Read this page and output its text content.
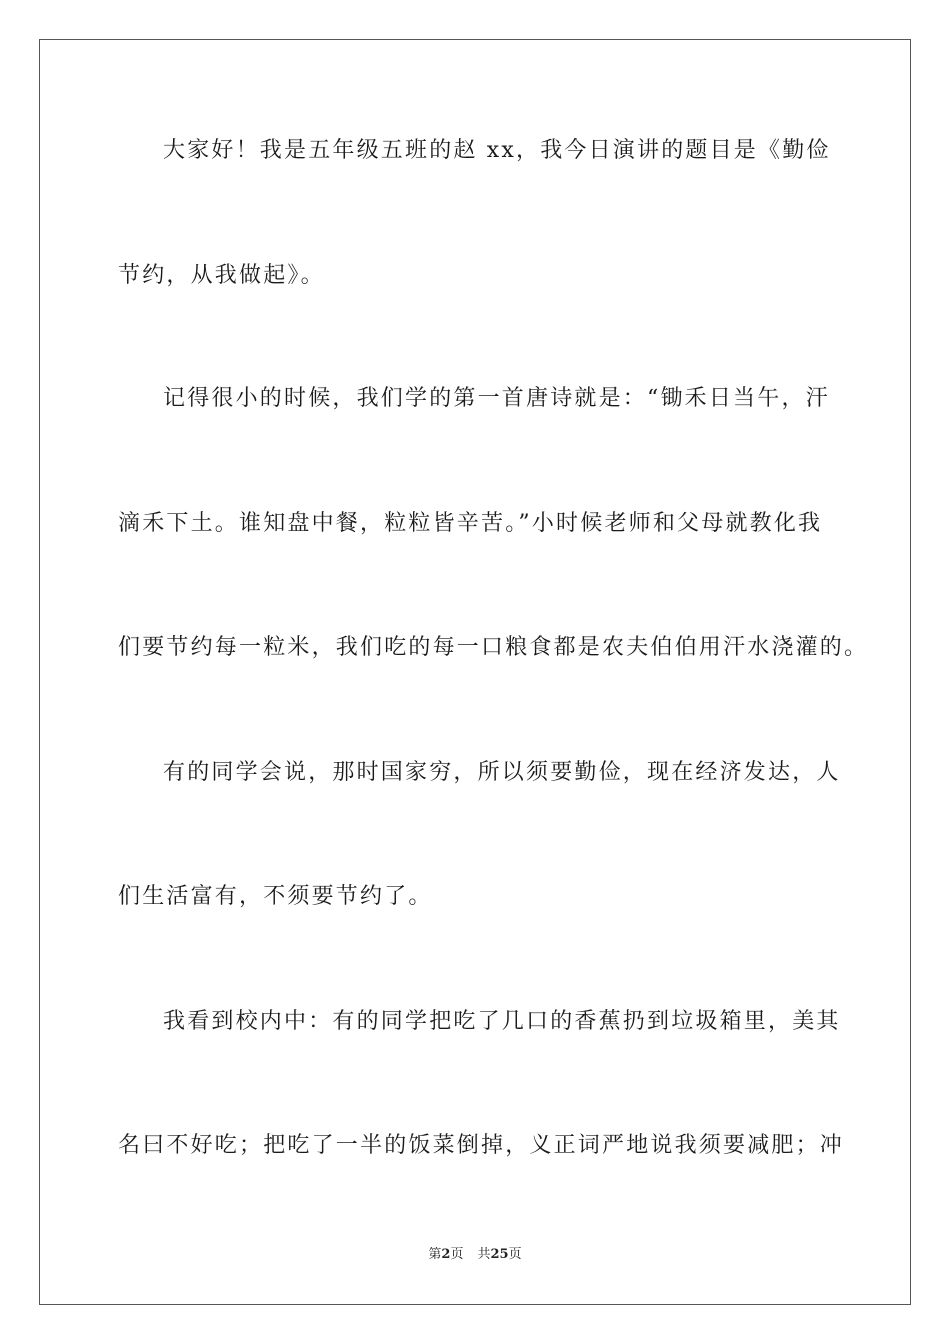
大家好！我是五年级五班的赵 xx，我今日演讲的题目是《勤俭
节约，从我做起》。
记得很小的时候，我们学的第一首唐诗就是：“锄禾日当午，汗
滴禾下土。谁知盘中餐，粒粒皆辛苦。”小时候老师和父母就教化我
们要节约每一粒米，我们吃的每一口粮食都是农夫伯伯用汗水浇灌的。
有的同学会说，那时国家穷，所以须要勤俭，现在经济发达，人
们生活富有，不须要节约了。
我看到校内中：有的同学把吃了几口的香蕉扔到垃圾箱里，美其
名曰不好吃；把吃了一半的饭菜倒掉，义正词严地说我须要减肥；冲
第2页 共25页
